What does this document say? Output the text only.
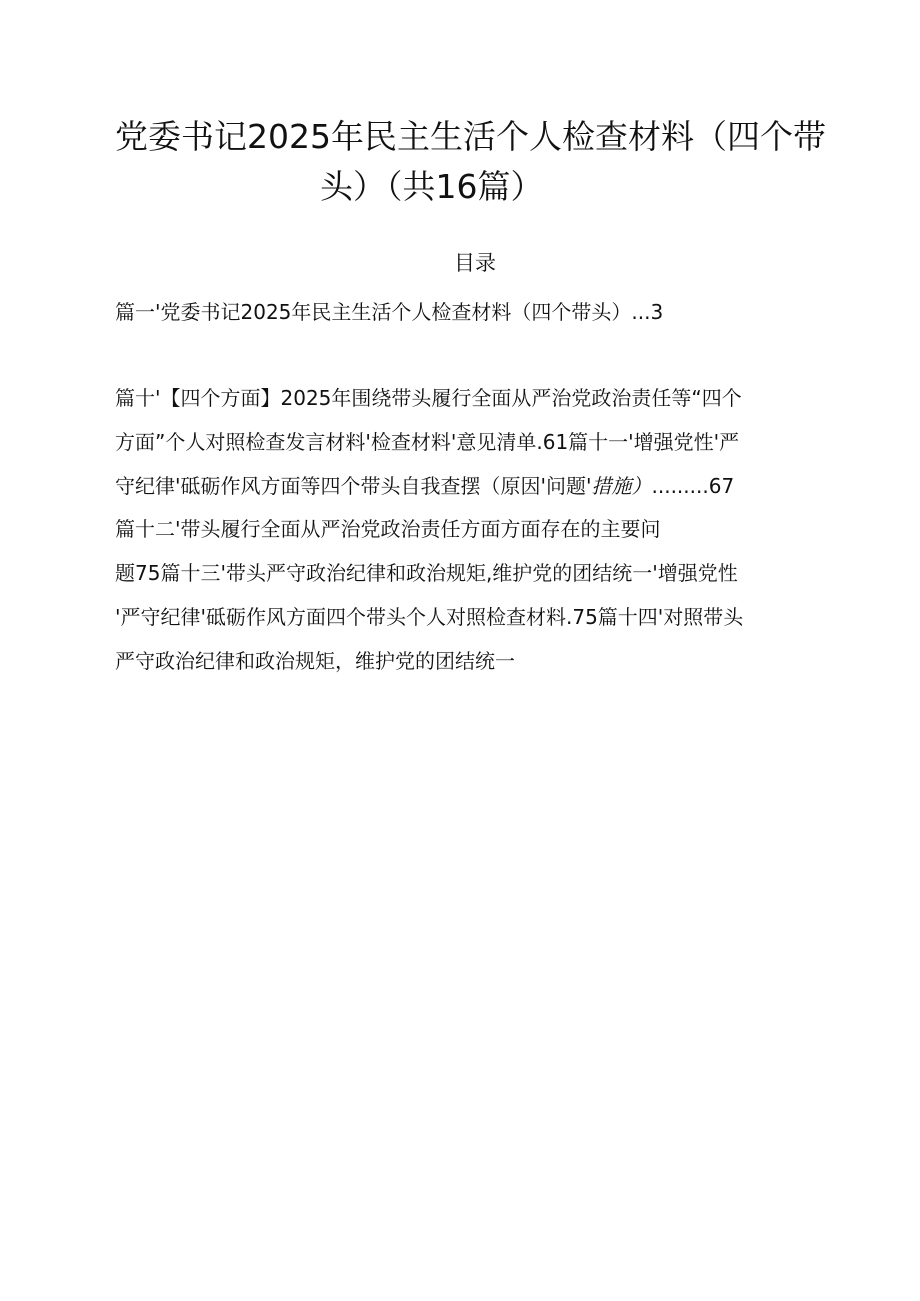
党委书记2025年民主生活个人检查材料（四个带
头）（共16篇）
目录
篇一'党委书记2025年民主生活个人检查材料（四个带头）...3
篇十'【四个方面】2025年围绕带头履行全面从严治党政治责任等“四个
方面”个人对照检查发言材料'检查材料'意见清单.61篇十一'增强党性'严
守纪律'砥砺作风方面等四个带头自我查摆（原因'问题'措施）.........67
篇十二'带头履行全面从严治党政治责任方面方面存在的主要问
题75篇十三'带头严守政治纪律和政治规矩,维护党的团结统一'增强党性
'严守纪律'砥砺作风方面四个带头个人对照检查材料.75篇十四'对照带头
严守政治纪律和政治规矩，维护党的团结统一
